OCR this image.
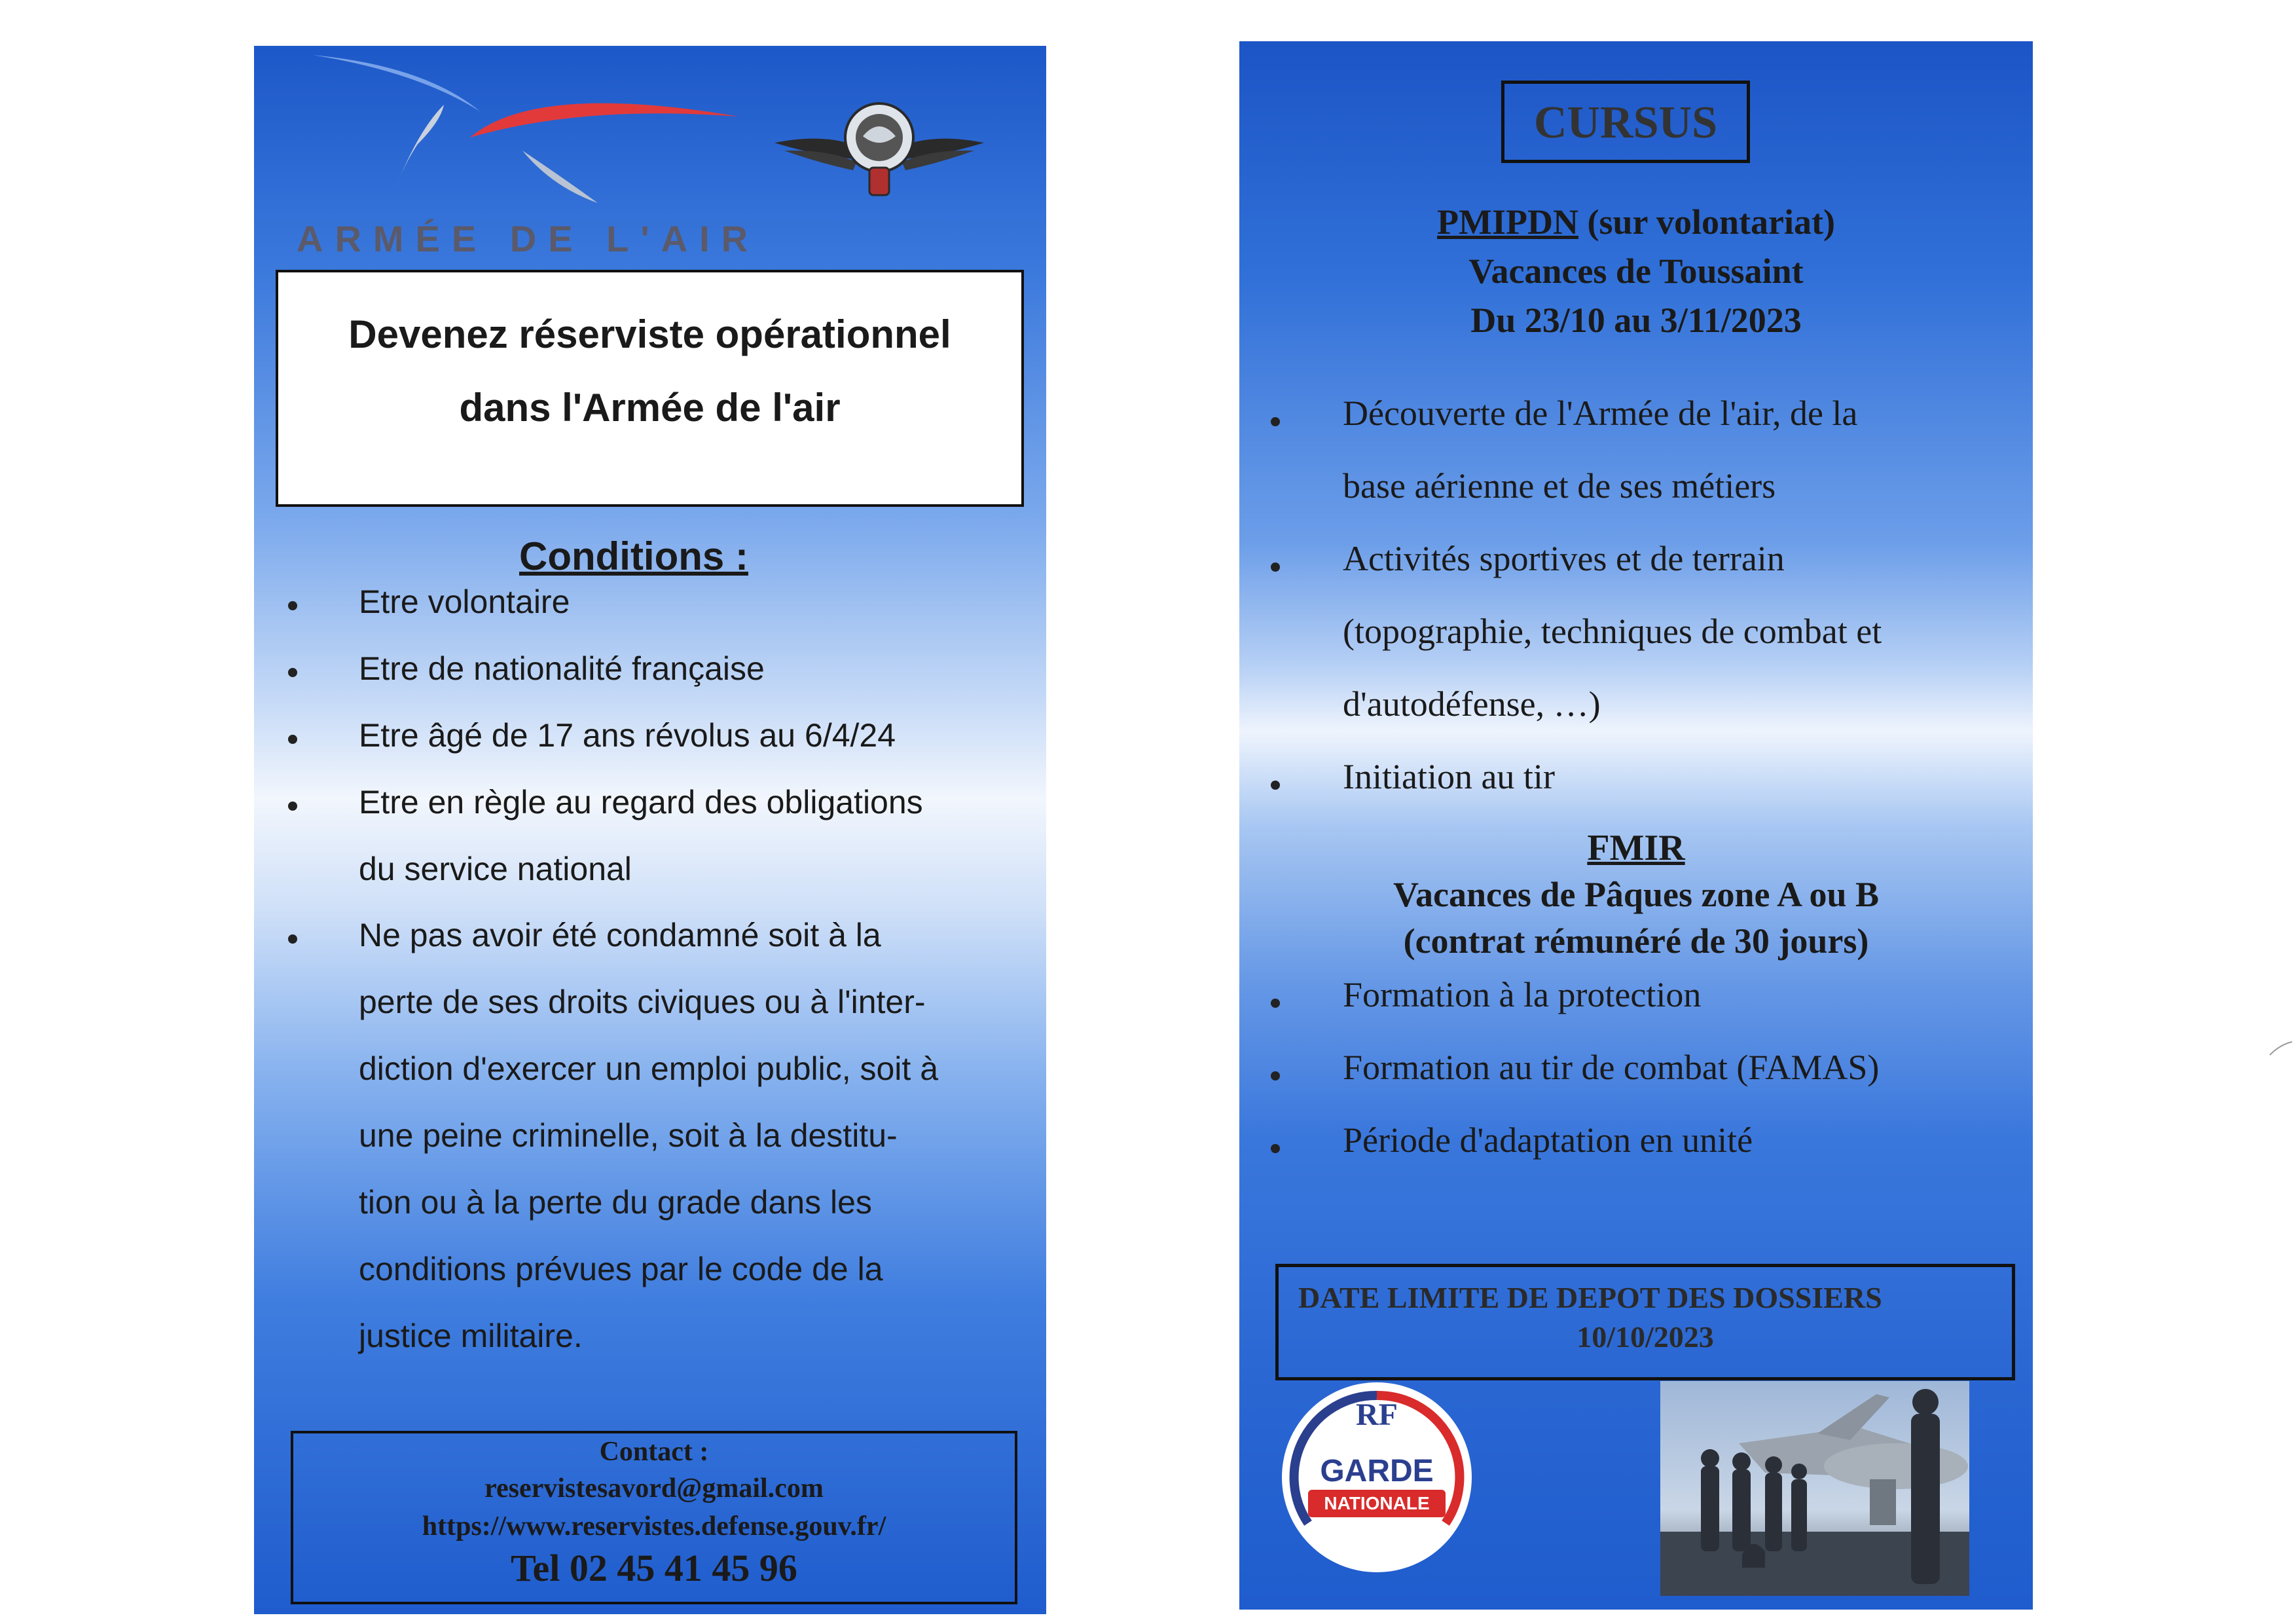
ARMÉE DE L'AIR
Devenez réserviste opérationnel
dans l'Armée de l'air
Conditions :
Etre volontaire
Etre de nationalité française
Etre âgé de 17 ans révolus au 6/4/24
Etre en règle au regard des obligations
du service national
Ne pas avoir été condamné soit à la
perte de ses droits civiques ou à l'inter-
diction d'exercer un emploi public, soit à
une peine criminelle, soit à la destitu-
tion ou à la perte du grade dans les
conditions prévues par le code de la
justice militaire.
Contact :
reservistesavord@gmail.com
https://www.reservistes.defense.gouv.fr/
Tel 02 45 41 45 96
CURSUS
PMIPDN (sur volontariat)
Vacances de Toussaint
Du 23/10 au 3/11/2023
Découverte de l'Armée de l'air, de la
base aérienne et de ses métiers
Activités sportives et de terrain
(topographie, techniques de combat et
d'autodéfense, …)
Initiation au tir
FMIR
Vacances de Pâques zone A ou B
(contrat rémunéré de 30 jours)
Formation à la protection
Formation au tir de combat (FAMAS)
Période d'adaptation en unité
DATE LIMITE DE DEPOT DES DOSSIERS
10/10/2023
RF
GARDE
NATIONALE
